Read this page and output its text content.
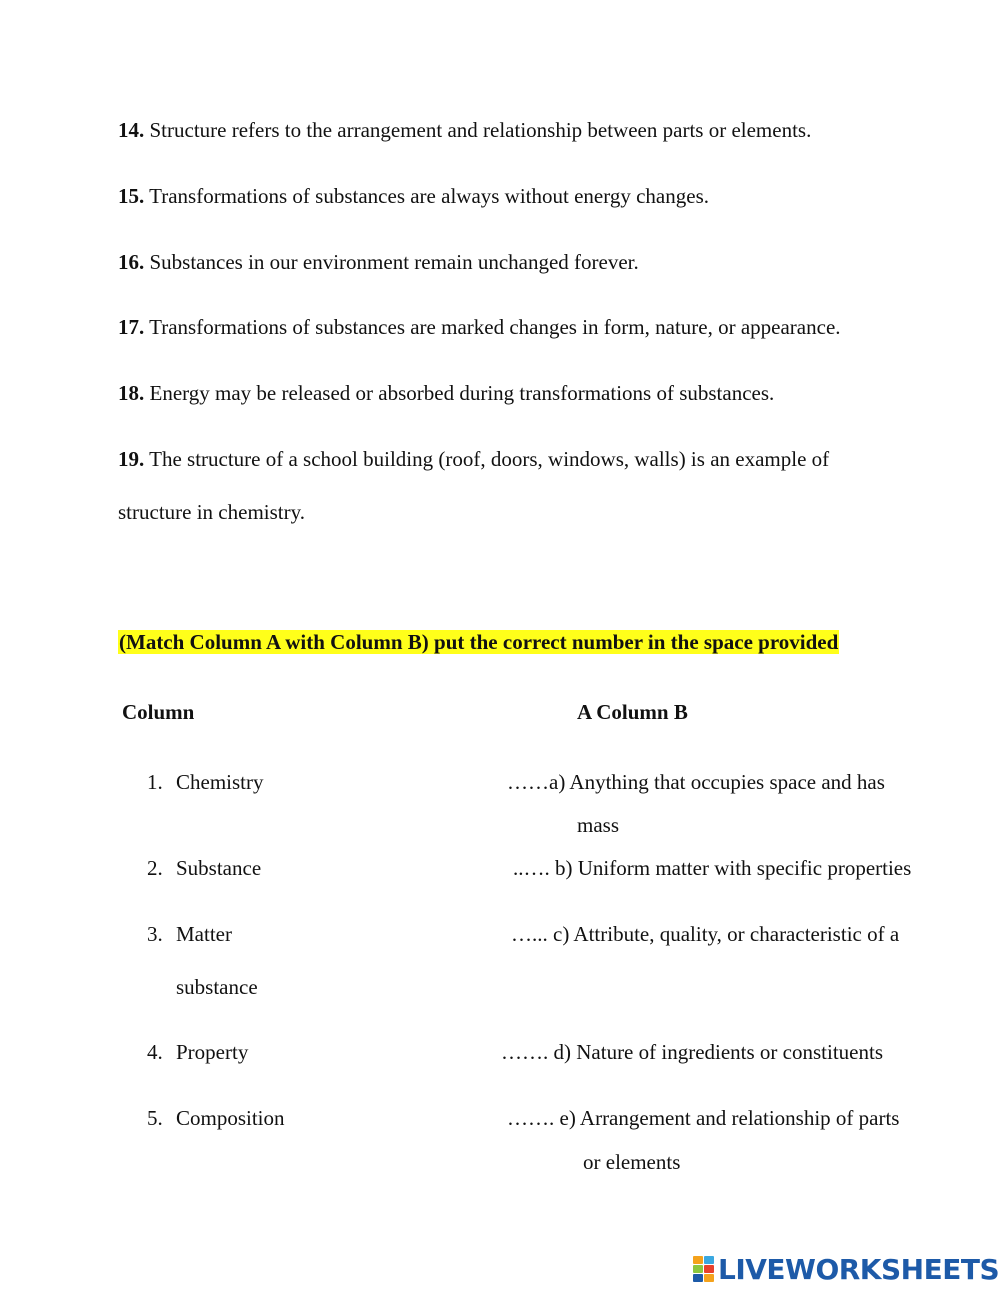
14. Structure refers to the arrangement and relationship between parts or elements.
15. Transformations of substances are always without energy changes.
16. Substances in our environment remain unchanged forever.
17. Transformations of substances are marked changes in form, nature, or appearance.
18. Energy may be released or absorbed during transformations of substances.
19. The structure of a school building (roof, doors, windows, walls) is an example of
structure in chemistry.
(Match Column A with Column B) put the correct number in the space provided
Column	A Column B
1. Chemistry
2. Substance
3. Matter
substance
4. Property
5. Composition
……a) Anything that occupies space and has
mass
..…. b) Uniform matter with specific properties
…... c) Attribute, quality, or characteristic of a
……. d) Nature of ingredients or constituents
……. e) Arrangement and relationship of parts
or elements
LIVEWORKSHEETS
